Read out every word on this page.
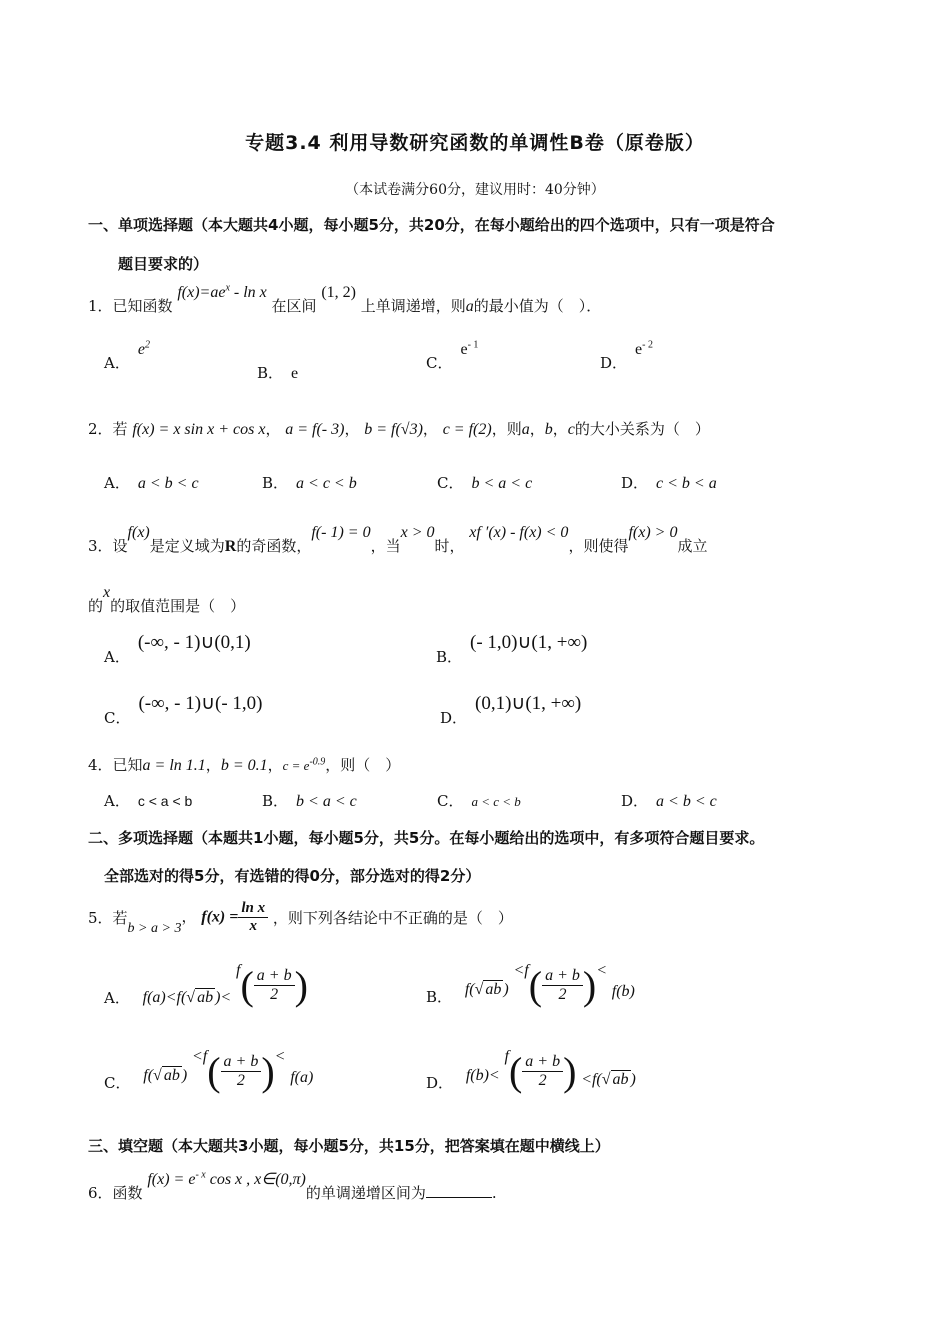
专题3.4 利用导数研究函数的单调性B卷（原卷版）
（本试卷满分60分，建议用时：40分钟）
一、单项选择题（本大题共4小题，每小题5分，共20分，在每小题给出的四个选项中，只有一项是符合
题目要求的）
1．已知函数 $f(x)=ae^x - \ln x$ 在区间 (1, 2) 上单调递增，则a的最小值为（　）．
A．$e^2$
B． e
C．$e^{- 1}$
D．$e^{- 2}$
2．若 f(x) = x sin x + cos x， a = f(- 3)， b = f(√3)， c = f(2)，则a，b，c的大小关系为（　）
A． a < b < c	B． a < c < b	C． b < a < c	D． c < b < a
3．设f(x)是定义域为R的奇函数，f(- 1) = 0，当x > 0时， xf ′(x) - f(x) < 0，则使得f(x) > 0成立
的x的取值范围是（　）
A．(-∞, - 1)∪(0,1)
B．(- 1,0)∪(1, +∞)
C．(-∞, - 1)∪(- 1,0)
D．(0,1)∪(1, +∞)
4．已知a = ln 1.1，b = 0.1，$c = e^{-0.9}$，则（　）
A． c < a < b	B． b < a < c	C． a < c < b	D． a < b < c
二、多项选择题（本题共1小题，每小题5分，共5分。在每小题给出的选项中，有多项符合题目要求。
全部选对的得5分，有选错的得0分，部分选对的得2分）
5．若b > a > 3， $f(x) = \frac{\text{ln x}}{x}$ ，则下列各结论中不正确的是（　）
A． f(a)<f(√ ab )< $f( \frac{a + b}{2}$ )	B． f(√ ab ) $<f( \frac{a + b}{2}$ )< f(b)
C． f(√ ab ) $<f( \frac{a + b}{2}$ )< f(a)	D． $f(b)< f( \frac{a + b}{2}$ ) <f(√ ab )
三、填空题（本大题共3小题，每小题5分，共15分，把答案填在题中横线上）
6．函数 $f(x) = e^{- x}$ cos x , x∈(0,π)的单调递增区间为	.
